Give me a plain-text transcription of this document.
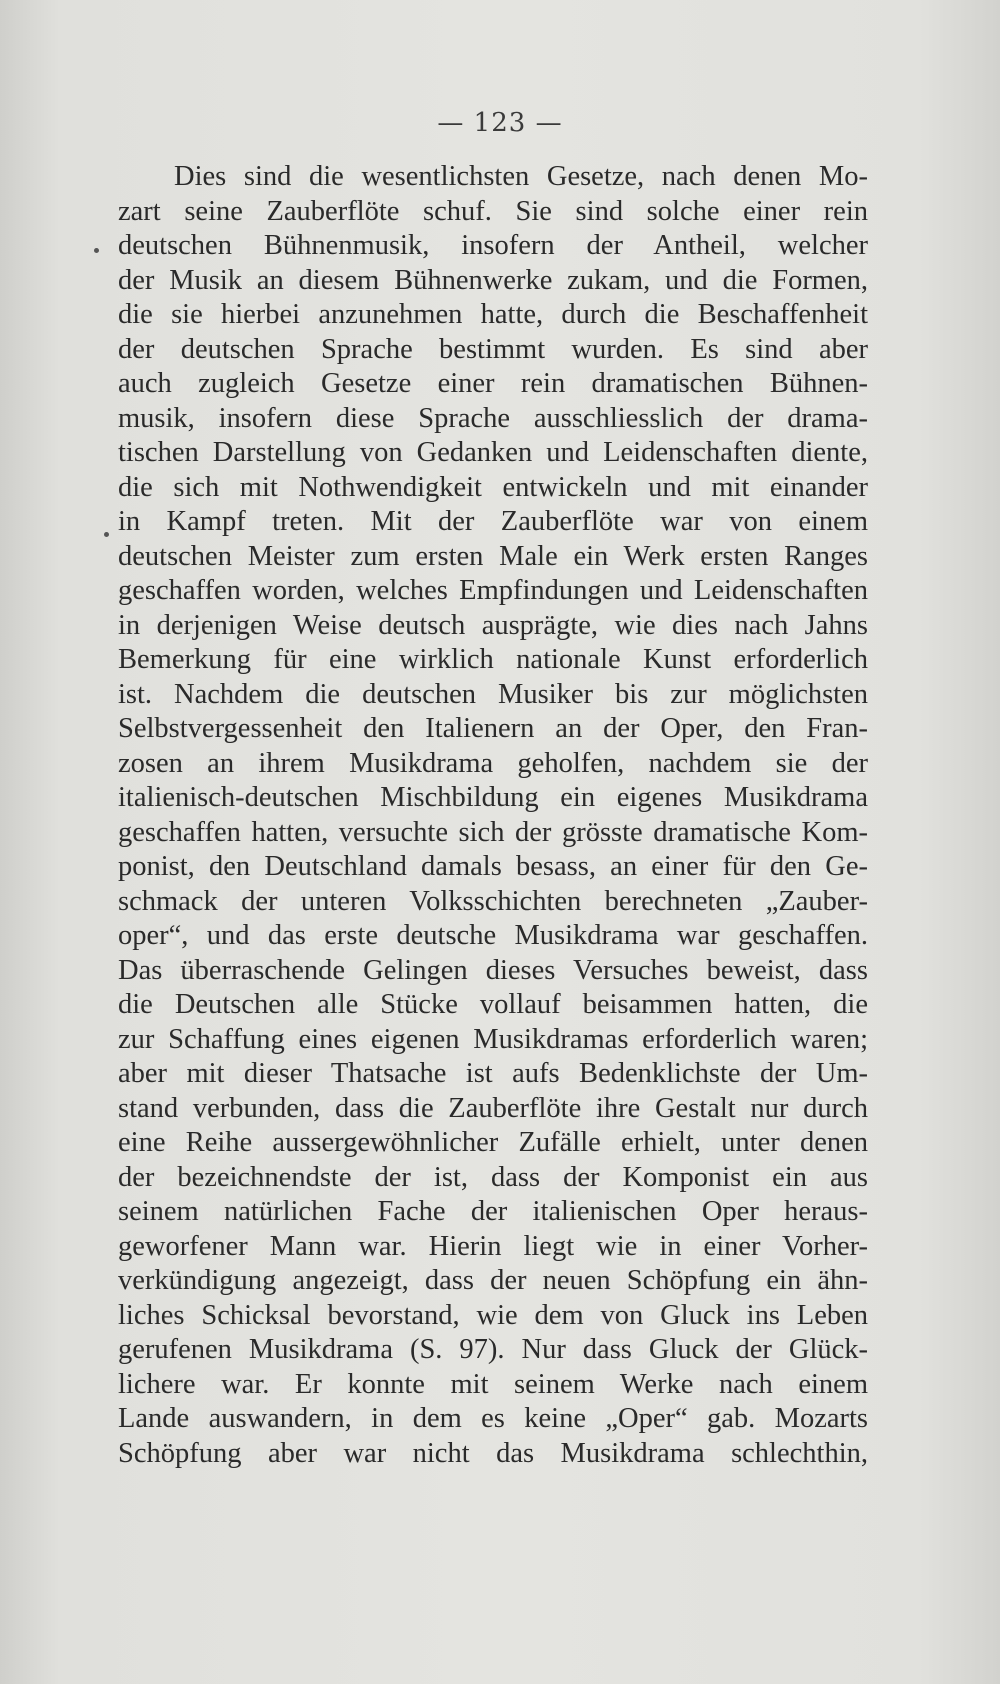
— 123 —
Dies sind die wesentlichsten Gesetze, nach denen Mo-
zart seine Zauberflöte schuf. Sie sind solche einer rein
deutschen Bühnenmusik, insofern der Antheil, welcher
der Musik an diesem Bühnenwerke zukam, und die Formen,
die sie hierbei anzunehmen hatte, durch die Beschaffenheit
der deutschen Sprache bestimmt wurden. Es sind aber
auch zugleich Gesetze einer rein dramatischen Bühnen-
musik, insofern diese Sprache ausschliesslich der drama-
tischen Darstellung von Gedanken und Leidenschaften diente,
die sich mit Nothwendigkeit entwickeln und mit einander
in Kampf treten. Mit der Zauberflöte war von einem
deutschen Meister zum ersten Male ein Werk ersten Ranges
geschaffen worden, welches Empfindungen und Leidenschaften
in derjenigen Weise deutsch ausprägte, wie dies nach Jahns
Bemerkung für eine wirklich nationale Kunst erforderlich
ist. Nachdem die deutschen Musiker bis zur möglichsten
Selbstvergessenheit den Italienern an der Oper, den Fran-
zosen an ihrem Musikdrama geholfen, nachdem sie der
italienisch-deutschen Mischbildung ein eigenes Musikdrama
geschaffen hatten, versuchte sich der grösste dramatische Kom-
ponist, den Deutschland damals besass, an einer für den Ge-
schmack der unteren Volksschichten berechneten „Zauber-
oper“, und das erste deutsche Musikdrama war geschaffen.
Das überraschende Gelingen dieses Versuches beweist, dass
die Deutschen alle Stücke vollauf beisammen hatten, die
zur Schaffung eines eigenen Musikdramas erforderlich waren;
aber mit dieser Thatsache ist aufs Bedenklichste der Um-
stand verbunden, dass die Zauberflöte ihre Gestalt nur durch
eine Reihe aussergewöhnlicher Zufälle erhielt, unter denen
der bezeichnendste der ist, dass der Komponist ein aus
seinem natürlichen Fache der italienischen Oper heraus-
geworfener Mann war. Hierin liegt wie in einer Vorher-
verkündigung angezeigt, dass der neuen Schöpfung ein ähn-
liches Schicksal bevorstand, wie dem von Gluck ins Leben
gerufenen Musikdrama (S. 97). Nur dass Gluck der Glück-
lichere war. Er konnte mit seinem Werke nach einem
Lande auswandern, in dem es keine „Oper“ gab. Mozarts
Schöpfung aber war nicht das Musikdrama schlechthin,
